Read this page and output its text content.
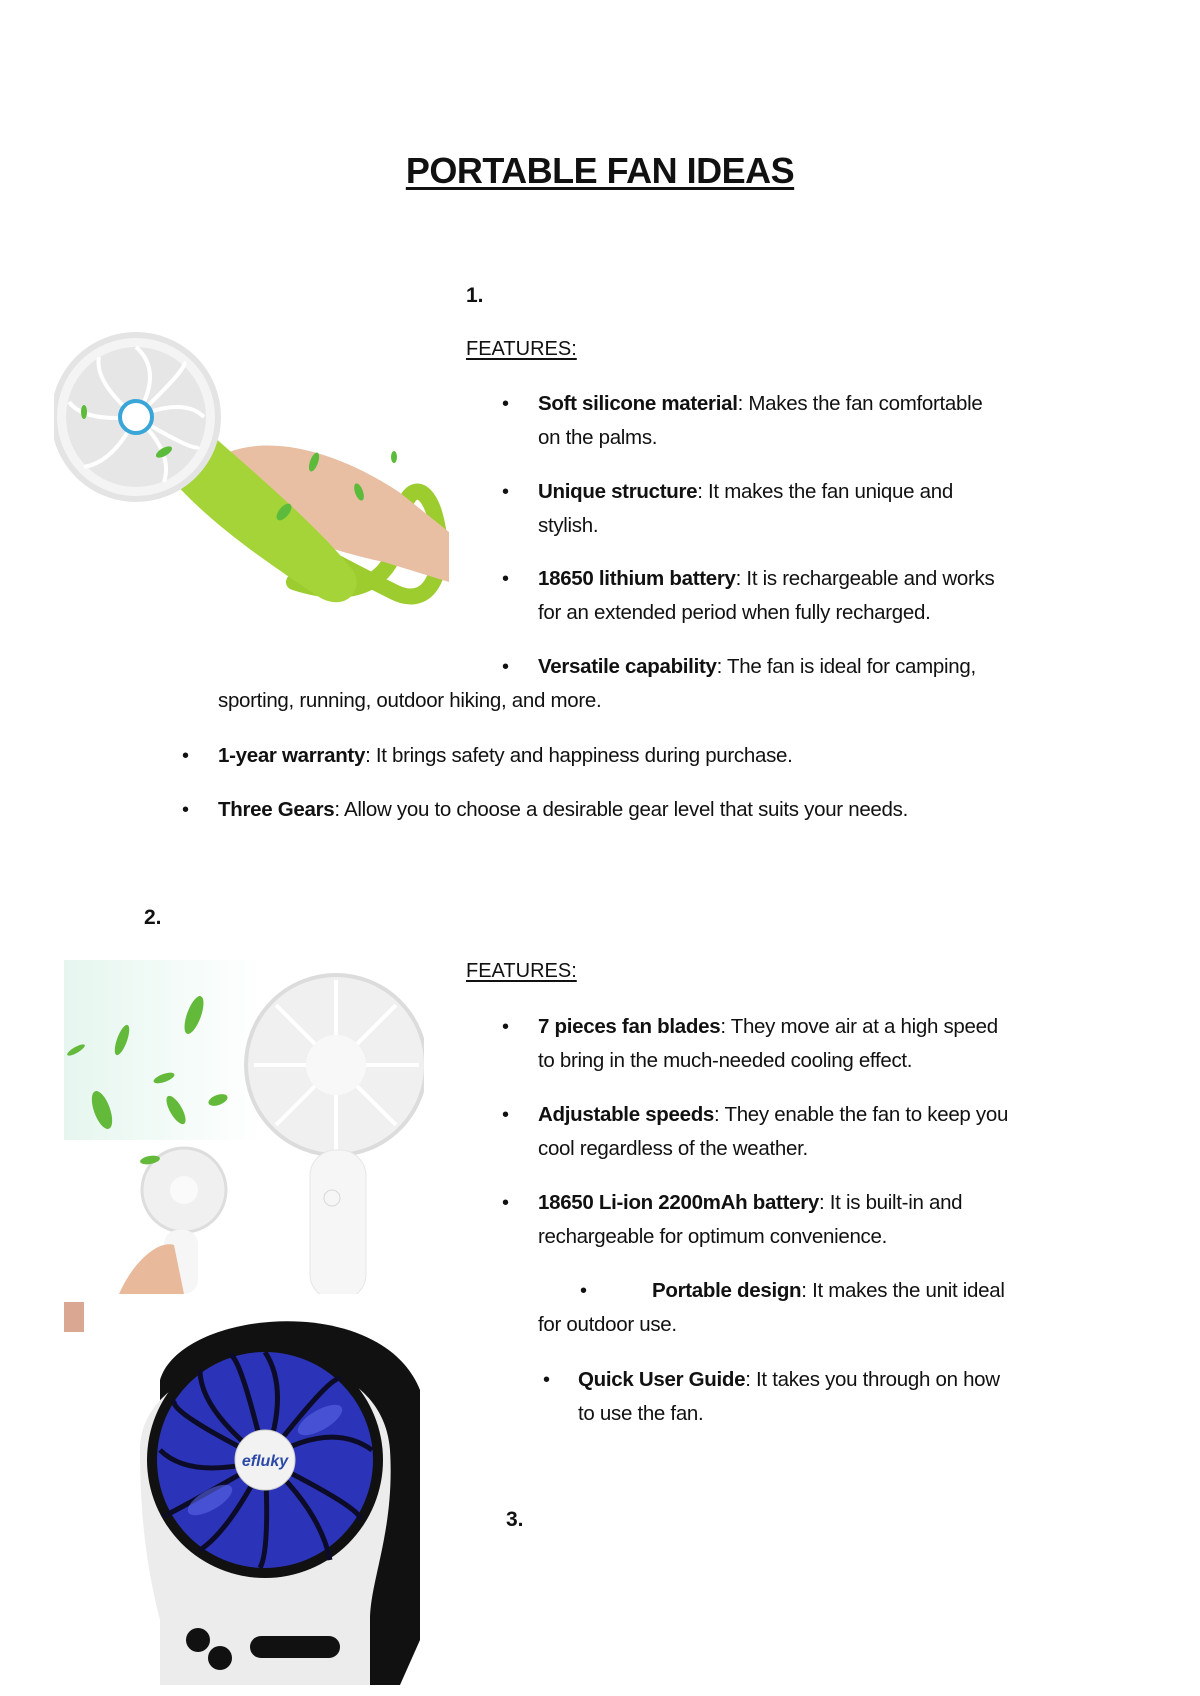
PORTABLE FAN IDEAS
1.
FEATURES:
• Soft silicone material: Makes the fan comfortable
on the palms.
• Unique structure: It makes the fan unique and
stylish.
• 18650 lithium battery: It is rechargeable and works
for an extended period when fully recharged.
• Versatile capability: The fan is ideal for camping,
sporting, running, outdoor hiking, and more.
• 1-year warranty: It brings safety and happiness during purchase.
• Three Gears: Allow you to choose a desirable gear level that suits your needs.
2.
FEATURES:
• 7 pieces fan blades: They move air at a high speed
to bring in the much-needed cooling effect.
• Adjustable speeds: They enable the fan to keep you
cool regardless of the weather.
• 18650 Li-ion 2200mAh battery: It is built-in and
rechargeable for optimum convenience.
•	Portable design: It makes the unit ideal
for outdoor use.
• Quick User Guide: It takes you through on how
to use the fan.
3.
efluky
